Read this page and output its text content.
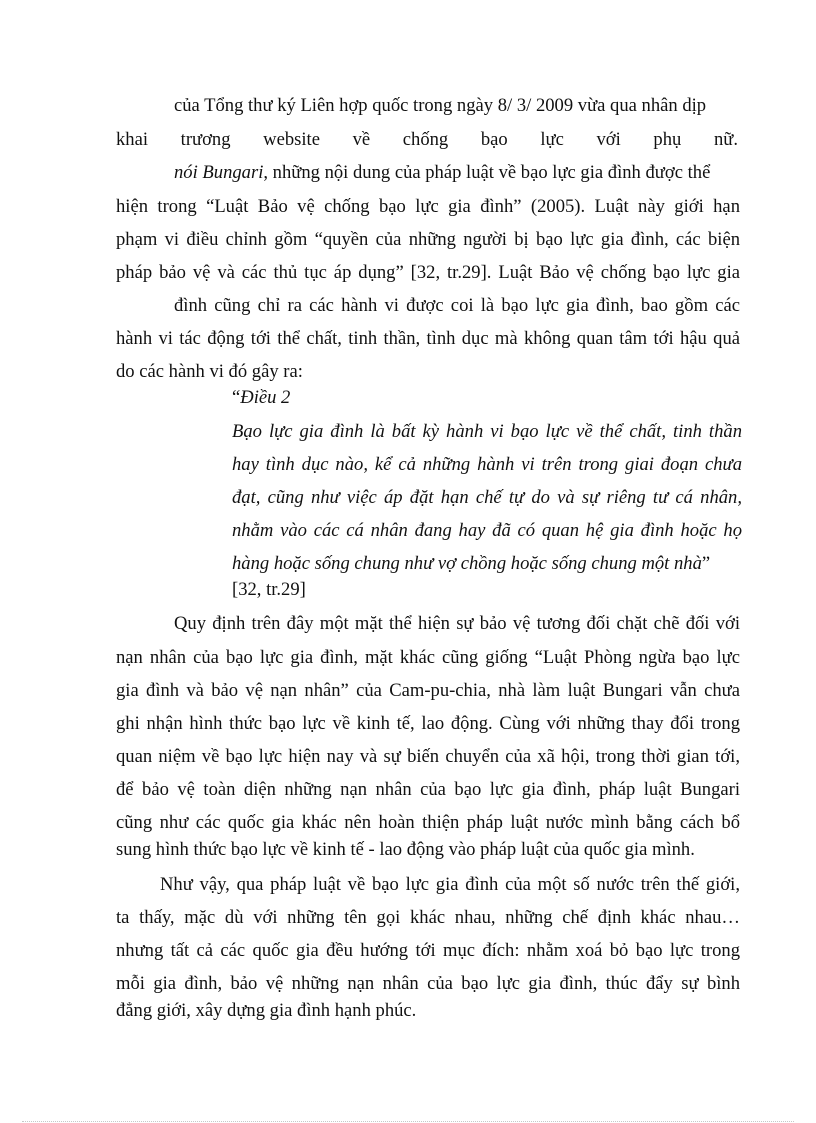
của Tổng thư ký Liên hợp quốc trong ngày 8/ 3/ 2009 vừa qua nhân dịp
khai trương website về chống bạo lực với phụ nữ.
nói Bungari, những nội dung của pháp luật về bạo lực gia đình được thể
hiện trong “Luật Bảo vệ chống bạo lực gia đình” (2005). Luật này giới hạn
phạm vi điều chỉnh gồm “quyền của những người bị bạo lực gia đình, các biện
pháp bảo vệ và các thủ tục áp dụng” [32, tr.29]. Luật Bảo vệ chống bạo lực gia
đình cũng chỉ ra các hành vi được coi là bạo lực gia đình, bao gồm các
hành vi tác động tới thể chất, tinh thần, tình dục mà không quan tâm tới hậu quả
do các hành vi đó gây ra:
“Điều 2
Bạo lực gia đình là bất kỳ hành vi bạo lực về thể chất, tinh thần
hay tình dục nào, kể cả những hành vi trên trong giai đoạn chưa
đạt, cũng như việc áp đặt hạn chế tự do và sự riêng tư cá nhân,
nhằm vào các cá nhân đang hay đã có quan hệ gia đình hoặc họ
hàng hoặc sống chung như vợ chồng hoặc sống chung một nhà”
[32, tr.29]
Quy định trên đây một mặt thể hiện sự bảo vệ tương đối chặt chẽ đối với
nạn nhân của bạo lực gia đình, mặt khác cũng giống “Luật Phòng ngừa bạo lực
gia đình và bảo vệ nạn nhân” của Cam-pu-chia, nhà làm luật Bungari vẫn chưa
ghi nhận hình thức bạo lực về kinh tế, lao động. Cùng với những thay đổi trong
quan niệm về bạo lực hiện nay và sự biến chuyển của xã hội, trong thời gian tới,
để bảo vệ toàn diện những nạn nhân của bạo lực gia đình, pháp luật Bungari
cũng như các quốc gia khác nên hoàn thiện pháp luật nước mình bằng cách bổ
sung hình thức bạo lực về kinh tế - lao động vào pháp luật của quốc gia mình.
Như vậy, qua pháp luật về bạo lực gia đình của một số nước trên thế giới,
ta thấy, mặc dù với những tên gọi khác nhau, những chế định khác nhau…
nhưng tất cả các quốc gia đều hướng tới mục đích: nhằm xoá bỏ bạo lực trong
mỗi gia đình, bảo vệ những nạn nhân của bạo lực gia đình, thúc đẩy sự bình
đẳng giới, xây dựng gia đình hạnh phúc.
